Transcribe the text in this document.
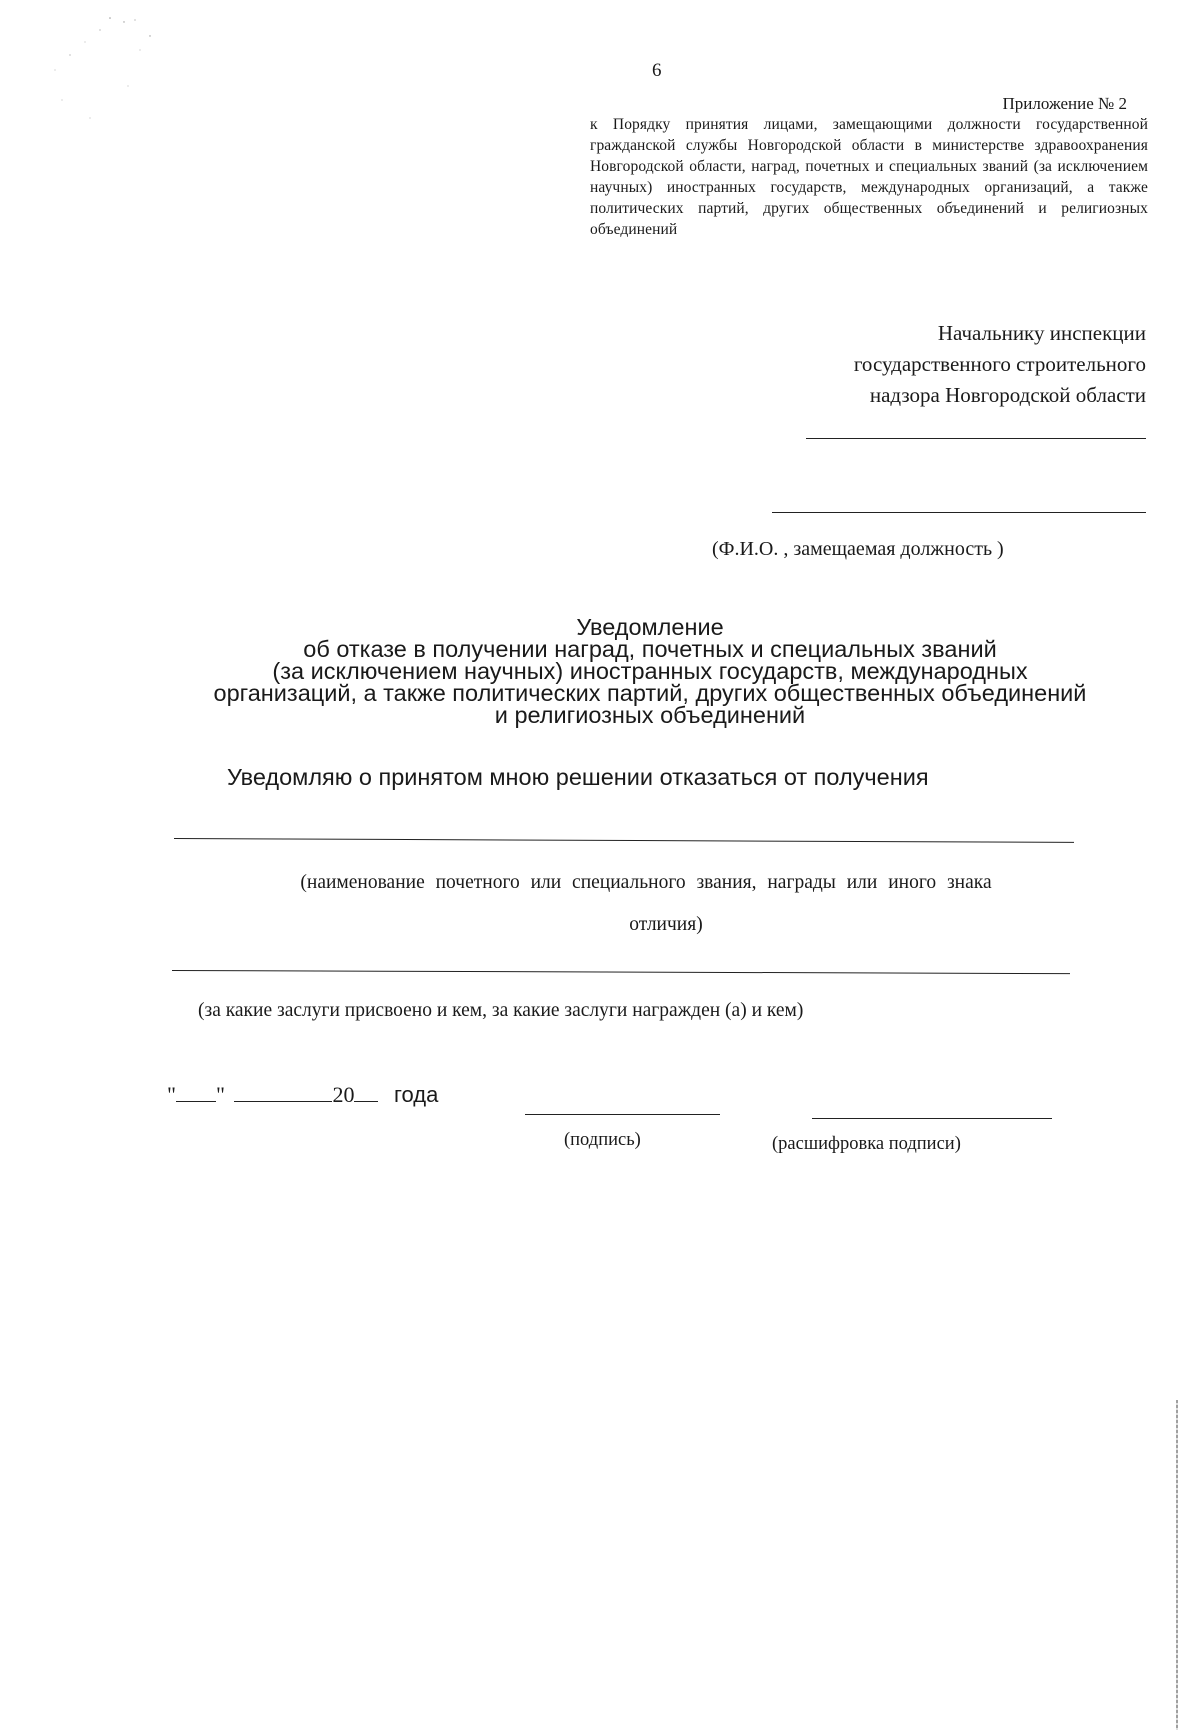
6
Приложение № 2
к Порядку принятия лицами, замещающими должности государственной гражданской службы Новгородской области в министерстве здравоохранения Новгородской области, наград, почетных и специальных званий (за исключением научных) иностранных государств, международных организаций, а также политических партий, других общественных объединений и религиозных объединений
Начальнику инспекции
государственного строительного
надзора Новгородской области
(Ф.И.О. , замещаемая должность )
Уведомление
об отказе в получении наград, почетных и специальных званий
(за исключением научных) иностранных государств, международных
организаций, а также политических партий, других общественных объединений
и религиозных объединений
Уведомляю о принятом мною решении отказаться от получения
(наименование почетного или специального звания, награды или иного знака
отличия)
(за какие заслуги присвоено и кем, за какие заслуги награжден (а) и кем)
" "	20 года
(подпись)	(расшифровка подписи)
